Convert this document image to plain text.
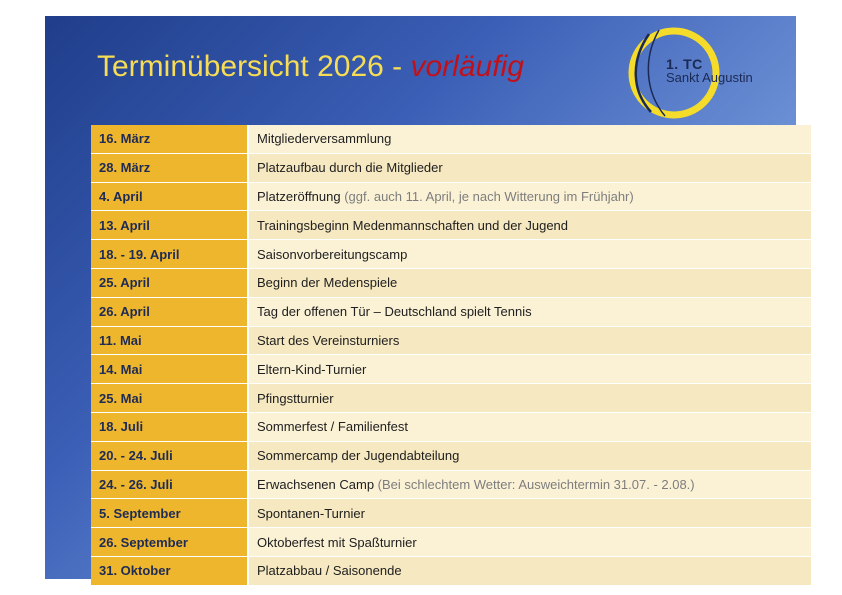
Terminübersicht 2026 - vorläufig	1. TC
Sankt Augustin
16. März	Mitgliederversammlung
28. März	Platzaufbau durch die Mitglieder
4. April	Platzeröffnung (ggf. auch 11. April, je nach Witterung im Frühjahr)
13. April	Trainingsbeginn Medenmannschaften und der Jugend
18. - 19. April	Saisonvorbereitungscamp
25. April	Beginn der Medenspiele
26. April	Tag der offenen Tür – Deutschland spielt Tennis
11. Mai	Start des Vereinsturniers
14. Mai	Eltern-Kind-Turnier
25. Mai	Pfingstturnier
18. Juli	Sommerfest / Familienfest
20. - 24. Juli	Sommercamp der Jugendabteilung
24. - 26. Juli	Erwachsenen Camp (Bei schlechtem Wetter: Ausweichtermin 31.07. - 2.08.)
5. September	Spontanen-Turnier
26. September	Oktoberfest mit Spaßturnier
31. Oktober	Platzabbau / Saisonende
